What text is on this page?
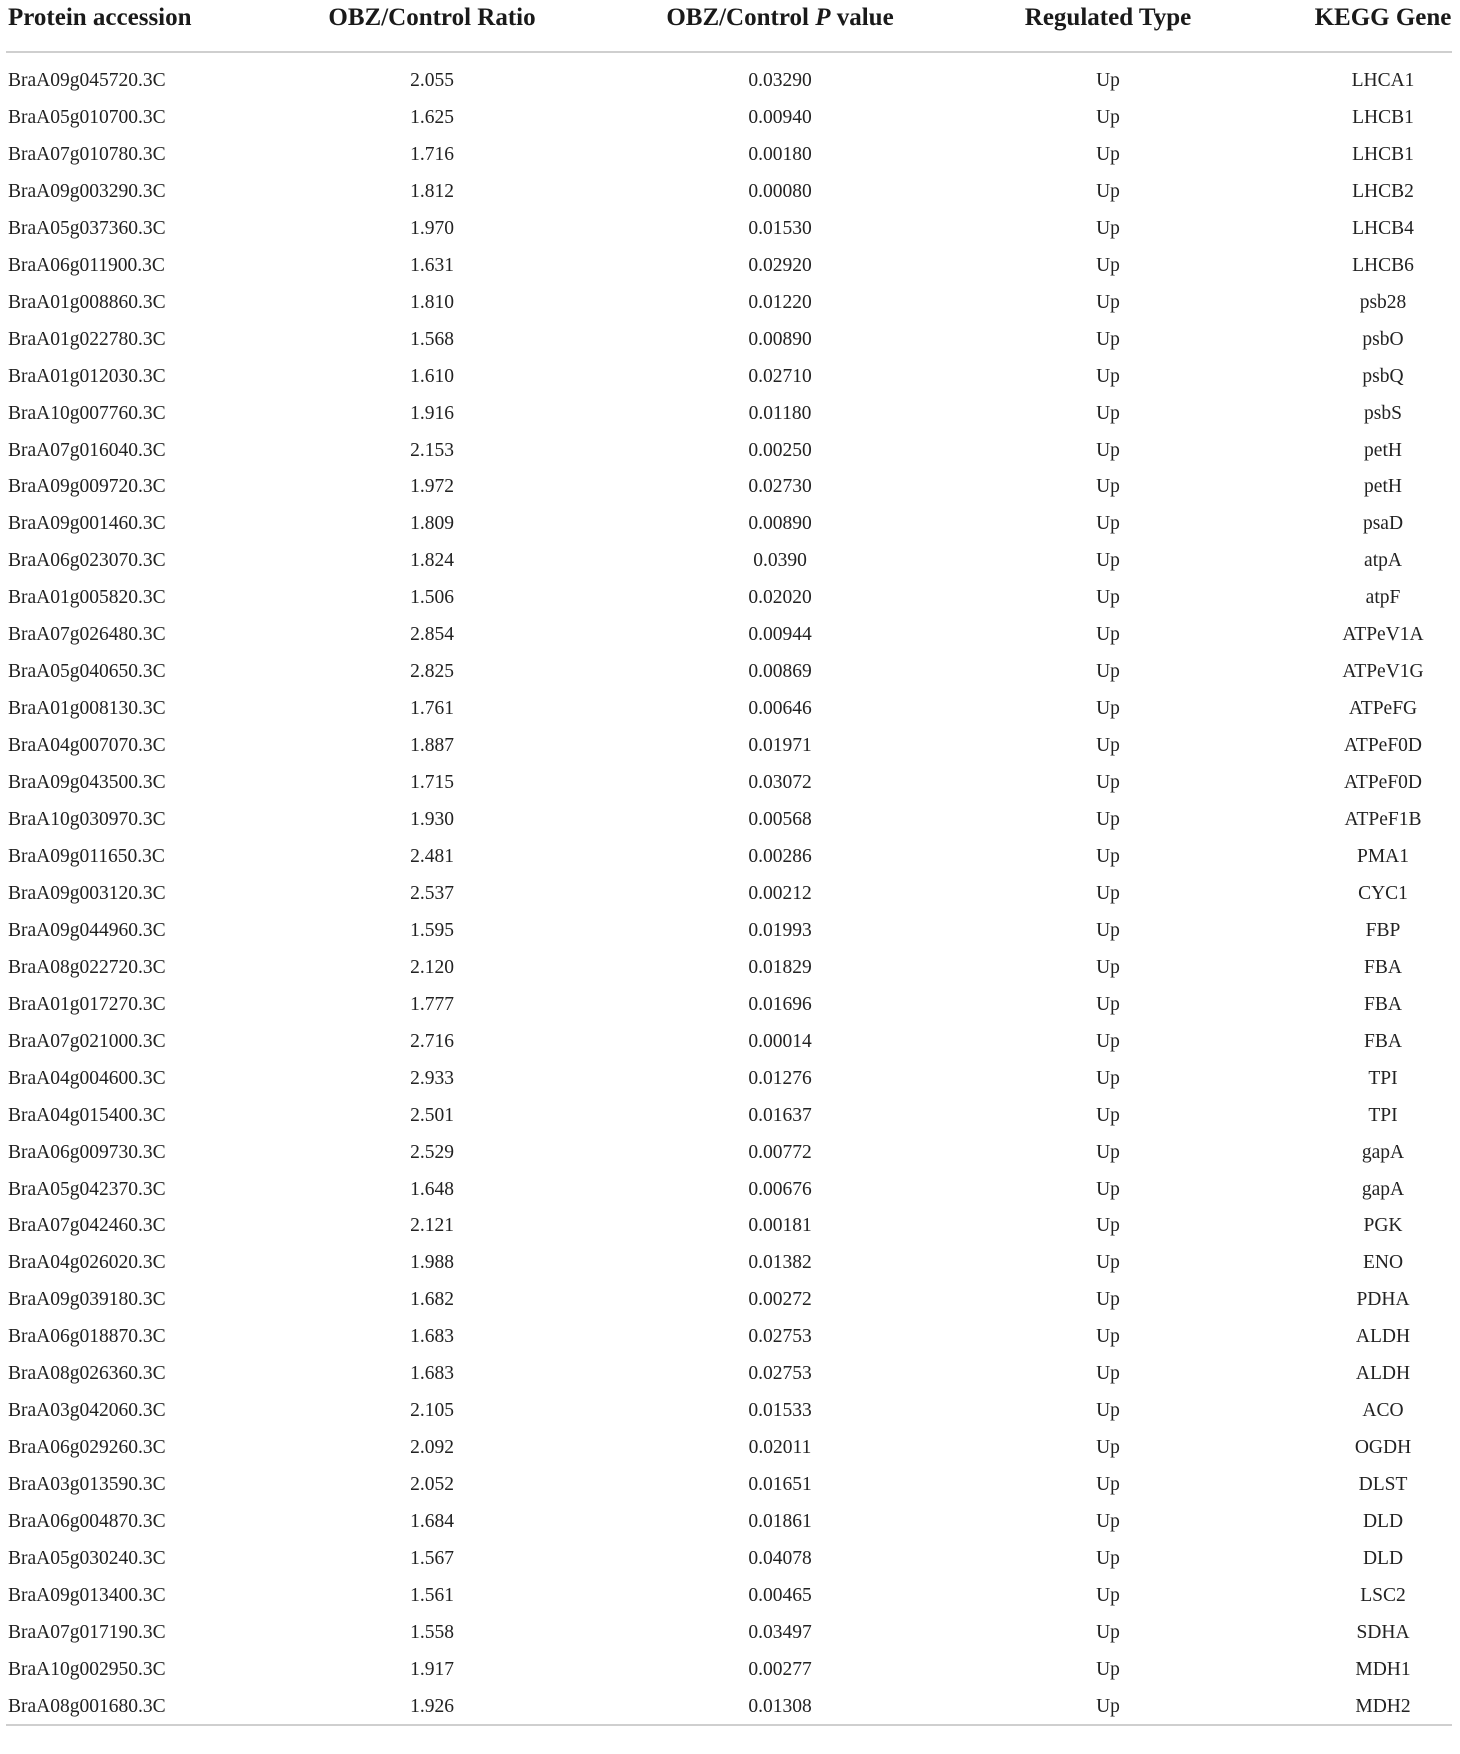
Protein accession	OBZ/Control Ratio	OBZ/Control P value	Regulated Type	KEGG Gene
BraA09g045720.3C	2.055	0.03290	Up	LHCA1
BraA05g010700.3C	1.625	0.00940	Up	LHCB1
BraA07g010780.3C	1.716	0.00180	Up	LHCB1
BraA09g003290.3C	1.812	0.00080	Up	LHCB2
BraA05g037360.3C	1.970	0.01530	Up	LHCB4
BraA06g011900.3C	1.631	0.02920	Up	LHCB6
BraA01g008860.3C	1.810	0.01220	Up	psb28
BraA01g022780.3C	1.568	0.00890	Up	psbO
BraA01g012030.3C	1.610	0.02710	Up	psbQ
BraA10g007760.3C	1.916	0.01180	Up	psbS
BraA07g016040.3C	2.153	0.00250	Up	petH
BraA09g009720.3C	1.972	0.02730	Up	petH
BraA09g001460.3C	1.809	0.00890	Up	psaD
BraA06g023070.3C	1.824	0.0390	Up	atpA
BraA01g005820.3C	1.506	0.02020	Up	atpF
BraA07g026480.3C	2.854	0.00944	Up	ATPeV1A
BraA05g040650.3C	2.825	0.00869	Up	ATPeV1G
BraA01g008130.3C	1.761	0.00646	Up	ATPeFG
BraA04g007070.3C	1.887	0.01971	Up	ATPeF0D
BraA09g043500.3C	1.715	0.03072	Up	ATPeF0D
BraA10g030970.3C	1.930	0.00568	Up	ATPeF1B
BraA09g011650.3C	2.481	0.00286	Up	PMA1
BraA09g003120.3C	2.537	0.00212	Up	CYC1
BraA09g044960.3C	1.595	0.01993	Up	FBP
BraA08g022720.3C	2.120	0.01829	Up	FBA
BraA01g017270.3C	1.777	0.01696	Up	FBA
BraA07g021000.3C	2.716	0.00014	Up	FBA
BraA04g004600.3C	2.933	0.01276	Up	TPI
BraA04g015400.3C	2.501	0.01637	Up	TPI
BraA06g009730.3C	2.529	0.00772	Up	gapA
BraA05g042370.3C	1.648	0.00676	Up	gapA
BraA07g042460.3C	2.121	0.00181	Up	PGK
BraA04g026020.3C	1.988	0.01382	Up	ENO
BraA09g039180.3C	1.682	0.00272	Up	PDHA
BraA06g018870.3C	1.683	0.02753	Up	ALDH
BraA08g026360.3C	1.683	0.02753	Up	ALDH
BraA03g042060.3C	2.105	0.01533	Up	ACO
BraA06g029260.3C	2.092	0.02011	Up	OGDH
BraA03g013590.3C	2.052	0.01651	Up	DLST
BraA06g004870.3C	1.684	0.01861	Up	DLD
BraA05g030240.3C	1.567	0.04078	Up	DLD
BraA09g013400.3C	1.561	0.00465	Up	LSC2
BraA07g017190.3C	1.558	0.03497	Up	SDHA
BraA10g002950.3C	1.917	0.00277	Up	MDH1
BraA08g001680.3C	1.926	0.01308	Up	MDH2
